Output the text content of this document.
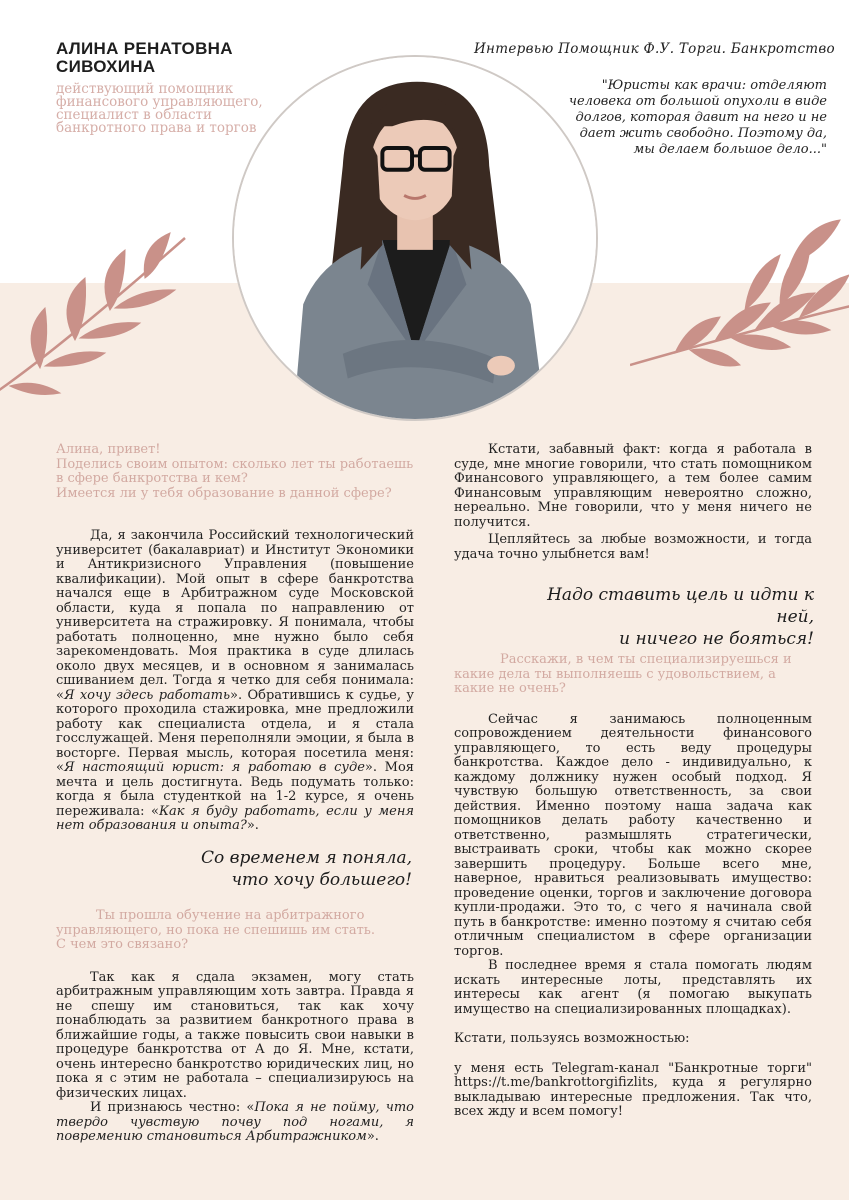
АЛИНА РЕНАТОВНА
СИВОХИНА

действующий помощник финансового управляющего, специалист в области банкротного права и торгов

Интервью Помощник Ф.У. Торги. Банкротство

"Юристы как врачи: отделяют человека от большой опухоли в виде долгов, которая давит на него и не дает жить свободно. Поэтому да, мы делаем большое дело..."

Алина, привет!
Поделись своим опытом: сколько лет ты работаешь в сфере банкротства и кем?
Имеется ли у тебя образование в данной сфере?

Да, я закончила Российский технологический университет (бакалавриат) и Институт Экономики и Антикризисного Управления (повышение квалификации). Мой опыт в сфере банкротства начался еще в Арбитражном суде Московской области, куда я попала по направлению от университета на стражировку. Я понимала, чтобы работать полноценно, мне нужно было себя зарекомендовать. Моя практика в суде длилась около двух месяцев, и в основном я занималась сшиванием дел. Тогда я четко для себя понимала: «Я хочу здесь работать». Обратившись к судье, у которого проходила стажировка, мне предложили работу как специалиста отдела, и я стала госслужащей. Меня переполняли эмоции, я была в восторге. Первая мысль, которая посетила меня: «Я настоящий юрист: я работаю в суде». Моя мечта и цель достигнута. Ведь подумать только: когда я была студенткой на 1-2 курсе, я очень переживала: «Как я буду работать, если у меня нет образования и опыта?».

Со временем я поняла,
что хочу большего!

Ты прошла обучение на арбитражного

управляющего, но пока не спешишь им стать.
С чем это связано?

Так как я сдала экзамен, могу стать арбитражным управляющим хоть завтра. Правда я не спешу им становиться, так как хочу понаблюдать за развитием банкротного права в ближайшие годы, а также повысить свои навыки в процедуре банкротства от А до Я. Мне, кстати, очень интересно банкротство юридических лиц, но пока я с этим не работала – специализируюсь на физических лицах.

И признаюсь честно: «Пока я не пойму, что твердо чувствую почву под ногами, я повремению становиться Арбитражником».

Кстати, забавный факт: когда я работала в суде, мне многие говорили, что стать помощником Финансового управляющего, а тем более самим Финансовым управляющим невероятно сложно, нереально. Мне говорили, что у меня ничего не получится.

Цепляйтесь за любые возможности, и тогда удача точно улыбнется вам!

Надо ставить цель и идти к ней,
и ничего не бояться!

Расскажи, в чем ты специализируешься и
какие дела ты выполняешь с удовольствием, а
какие не очень?

Сейчас я занимаюсь полноценным сопровождением деятельности финансового управляющего, то есть веду процедуры банкротства. Каждое дело - индивидуально, к каждому должнику нужен особый подход. Я чувствую большую ответственность, за свои действия. Именно поэтому наша задача как помощников делать работу качественно и ответственно, размышлять стратегически, выстраивать сроки, чтобы как можно скорее завершить процедуру. Больше всего мне, наверное, нравиться реализовывать имущество: проведение оценки, торгов и заключение договора купли-продажи. Это то, с чего я начинала свой путь в банкротстве: именно поэтому я считаю себя отличным специалистом в сфере организации торгов.

В последнее время я стала помогать людям искать интересные лоты, представлять их интересы как агент (я помогаю выкупать имущество на специализированных площадках).

Кстати, пользуясь возможностью:

у меня есть Telegram-канал "Банкротные торги" https://t.me/bankrottorgifizlits, куда я регулярно выкладываю интересные предложения. Так что, всех жду и всем помогу!
